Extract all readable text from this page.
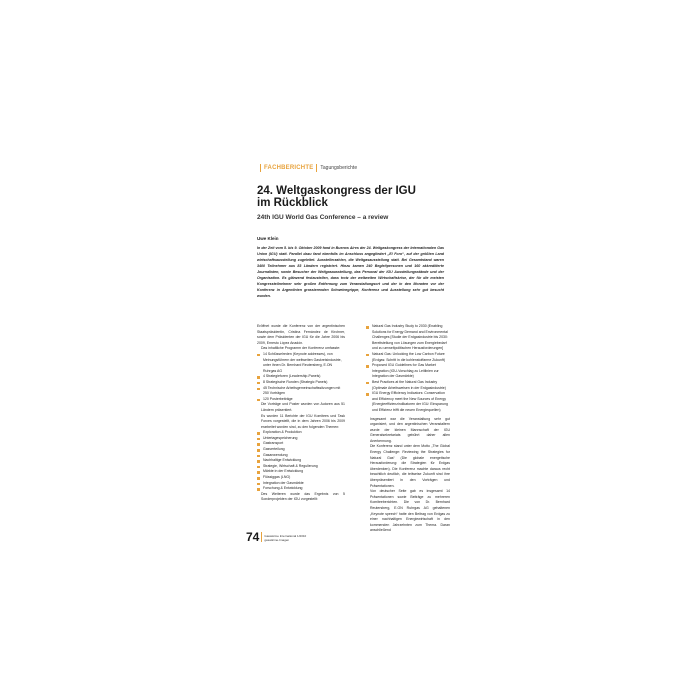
FACHBERICHTE Tagungsberichte
24. Weltgaskongress der IGU
im Rückblick
24th IGU World Gas Conference – a review
Uwe Klein
In der Zeit vom 5. bis 9. Oktober 2009 fand in Buenos Aires der 24. Weltgaskongress der Internationalen Gas Union (IGU) statt. Parallel dazu fand ebenfalls im Anschluss angegliedert „El Foro“, auf der größten Land wirtschaftsausstellung zugeleitet. Ausstellerzahlen, die Weltgasausstellung statt. Bei Gesamtstand waren 3400 Teilnehmer aus 83 Ländern registriert. Hinzu kamen 240 Begleitpersonen und 160 akkreditierte Journalisten, sowie Besucher der Weltgasausstellung, das Personal der IGU Ausstellungsstände und der Organisation. Es glänzend festzustellen, dass trotz der weltweiten Wirtschaftskrise, der für die meisten Kongressteilnehmer sehr großen Entfernung zum Veranstaltungsort und der in den Monaten vor der Konferenz in Argentinien grassierenden Schweinegrippe, Konferenz und Ausstellung sehr gut besucht wurden.

Eröffnet wurde die Konferenz von der argentinischen Staatspräsidentin, Cristina Fernández de Kirchner, sowie dem Präsidenten der IGU für die Jahre 2006 bis 2009, Ernesto López Anadón.

Das inhaltliche Programm der Konferenz umfasste:

14 Schlüsselreden (Keynote addresses), von Meinungsführern der weltweiten Gaskreisindustrie, unter ihnen Dr. Bernhard Reutersberg, E.ON Ruhrgas AG
4 Strategieforen (Leadership-Panels)
8 Strategische Runden (Strategic Panels)
45 Technische Arbeitsgemeinschaftssitzungen mit 250 Vorträgen
120 Posterbeiträge

Die Vorträge und Poster wurden von Autoren aus 51 Ländern präsentiert.

Es wurden 11 Berichte der IGU Komitees und Task Forces vorgestellt, die in dem Jahren 2006 bis 2009 erarbeitet worden sind, zu den folgenden Themen:

Exploration & Produktion
Untertagespeicherung
Gastransport
Gasverteilung
Gasanwendung
Nachhaltige Entwicklung
Strategie, Wirtschaft & Regulierung
Märkte in der Entwicklung
Flüssiggas (LNG)
Integration der Gasmärkte
Forschung & Entwicklung

Des Weiteren wurde das Ergebnis von 5 Sonderprojekten der IGU vorgestellt:

Natural Gas Industry Study to 2030 (Enabling Solutions for Energy Demand and Environmental Challenges [Studie der Erdgasindustrie bis 2030: Bereitstellung von Lösungen zum Energiebedarf und zu umweltpolitischen Herausforderungen]
Natural Gas: Unlocking the Low Carbon Future (Erdgas: Schritt in die kohlenstoffarme Zukunft)
Proposed IGU Guidelines for Gas Market Integration (IGU-Vorschlag zu Leitlinien zur Integration der Gasmärkte)
Best Practices at the Natural Gas Industry (Optimale Arbeitsweisen in der Erdgasindustrie)
IGU Energy Efficiency Indicators: Conservation and Efficiency meet the New Sources of Energy (Energieeffizienzindikatoren der IGU: Einsparung und Effizienz trifft die neuen Energiequellen)

Insgesamt war die Veranstaltung sehr gut organisiert, und den argentinischen Veranstaltern wurde der kleinen Mannschaft der IGU Generalsekretariats gebührt daher allen Anerkennung.

Die Konferenz stand unter dem Motto „The Global Energy Challenge: Reviewing the Strategies for Natural Gas“ (Die globale energetische Herausforderung: die Strategien für Erdgas überdenken). Die Konferenz machte daraus recht beachtlich deutlich, die teilweise Zukunft sind ihre überpräsentiert in den Vorträgen und Präsentationen.

Von deutscher Seite gab es insgesamt 14 Präsentationen sowie Beiträge zu mehreren Komiteeberichten. Die von Dr. Bernhard Reutersberg, E.ON Ruhrgas AG gehaltenen „Keynote speech“ hatte den Beitrag von Erdgas zu einer nachhaltigen Energiewirtschaft in den kommenden Jahrzehnten zum Thema. Daran anschließend

74 Gaswärme International 1/2010
gaswärme-Imagen
